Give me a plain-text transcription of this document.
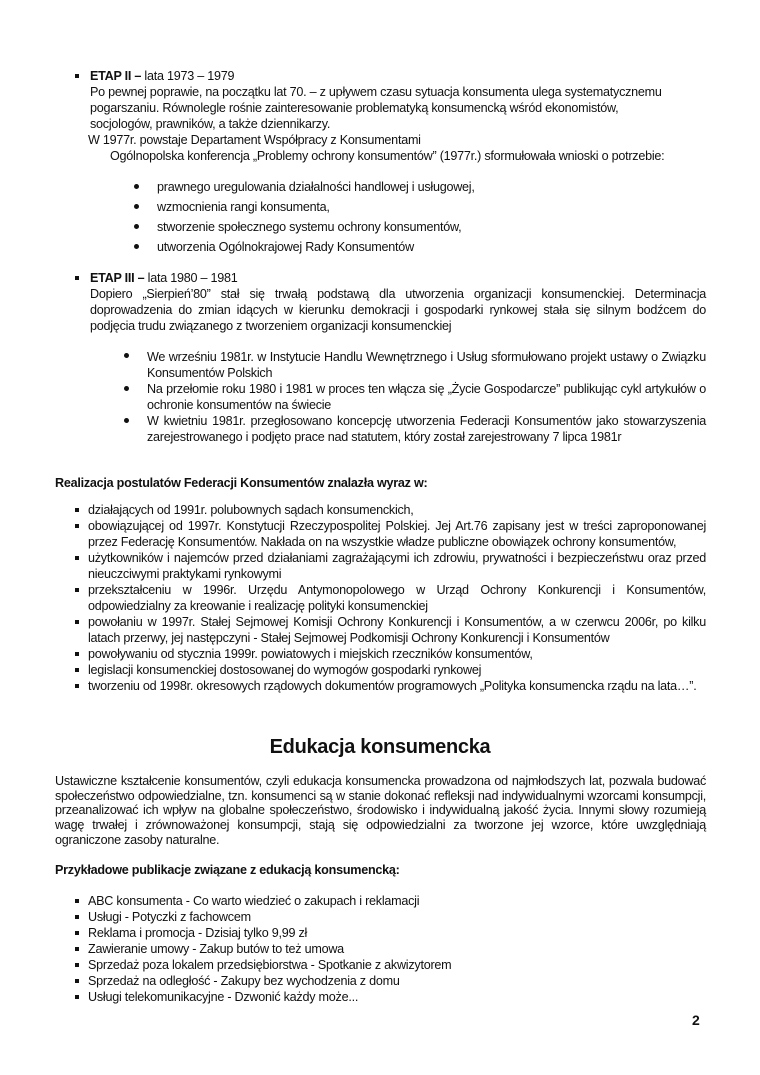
ETAP II – lata 1973 – 1979
Po pewnej poprawie, na początku lat 70. – z upływem czasu sytuacja konsumenta ulega systematycznemu
pogarszaniu. Równolegle rośnie zainteresowanie problematyką konsumencką wśród ekonomistów,
socjologów, prawników, a także dziennikarzy.
W 1977r. powstaje Departament Współpracy z Konsumentami
Ogólnopolska konferencja „Problemy ochrony konsumentów” (1977r.) sformułowała wnioski o potrzebie:
prawnego uregulowania działalności handlowej i usługowej,
wzmocnienia rangi konsumenta,
stworzenie społecznego systemu ochrony konsumentów,
utworzenia Ogólnokrajowej Rady Konsumentów
ETAP III – lata 1980 – 1981
Dopiero „Sierpień’80” stał się trwałą podstawą dla utworzenia organizacji konsumenckiej. Determinacja doprowadzenia do zmian idących w kierunku demokracji i gospodarki rynkowej stała się silnym bodźcem do podjęcia trudu związanego z tworzeniem organizacji konsumenckiej
We wrześniu 1981r. w Instytucie Handlu Wewnętrznego i Usług sformułowano projekt ustawy o Związku Konsumentów Polskich
Na przełomie roku 1980 i 1981 w proces ten włącza się „Życie Gospodarcze” publikując cykl artykułów o ochronie konsumentów na świecie
W kwietniu 1981r. przegłosowano koncepcję utworzenia Federacji Konsumentów jako stowarzyszenia zarejestrowanego i podjęto prace nad statutem, który został zarejestrowany 7 lipca 1981r
Realizacja postulatów Federacji Konsumentów znalazła wyraz w:
działających od 1991r. polubownych sądach konsumenckich,
obowiązującej od 1997r. Konstytucji Rzeczypospolitej Polskiej. Jej Art.76 zapisany jest w treści zaproponowanej przez Federację Konsumentów. Nakłada on na wszystkie władze publiczne obowiązek ochrony konsumentów,
użytkowników i najemców przed działaniami zagrażającymi ich zdrowiu, prywatności i bezpieczeństwu oraz przed nieuczciwymi praktykami rynkowymi
przekształceniu w 1996r. Urzędu Antymonopolowego w Urząd Ochrony Konkurencji i Konsumentów, odpowiedzialny za kreowanie i realizację polityki konsumenckiej
powołaniu w 1997r. Stałej Sejmowej Komisji Ochrony Konkurencji i Konsumentów, a w czerwcu 2006r, po kilku latach przerwy, jej następczyni - Stałej Sejmowej Podkomisji Ochrony Konkurencji i Konsumentów
powoływaniu od stycznia 1999r. powiatowych i miejskich rzeczników konsumentów,
legislacji konsumenckiej dostosowanej do wymogów gospodarki rynkowej
tworzeniu od 1998r. okresowych rządowych dokumentów programowych „Polityka konsumencka rządu na lata…”.
Edukacja konsumencka
Ustawiczne kształcenie konsumentów, czyli edukacja konsumencka prowadzona od najmłodszych lat, pozwala budować społeczeństwo odpowiedzialne, tzn. konsumenci są w stanie dokonać refleksji nad indywidualnymi wzorcami konsumpcji, przeanalizować ich wpływ na globalne społeczeństwo, środowisko i indywidualną jakość życia. Innymi słowy rozumieją wagę trwałej i zrównoważonej konsumpcji, stają się odpowiedzialni za tworzone jej wzorce, które uwzględniają ograniczone zasoby naturalne.
Przykładowe publikacje związane z edukacją konsumencką:
ABC konsumenta - Co warto wiedzieć o zakupach i reklamacji
Usługi - Potyczki z fachowcem
Reklama i promocja - Dzisiaj tylko 9,99 zł
Zawieranie umowy - Zakup butów to też umowa
Sprzedaż poza lokalem przedsiębiorstwa - Spotkanie z akwizytorem
Sprzedaż na odległość - Zakupy bez wychodzenia z domu
Usługi telekomunikacyjne - Dzwonić każdy może...
2
